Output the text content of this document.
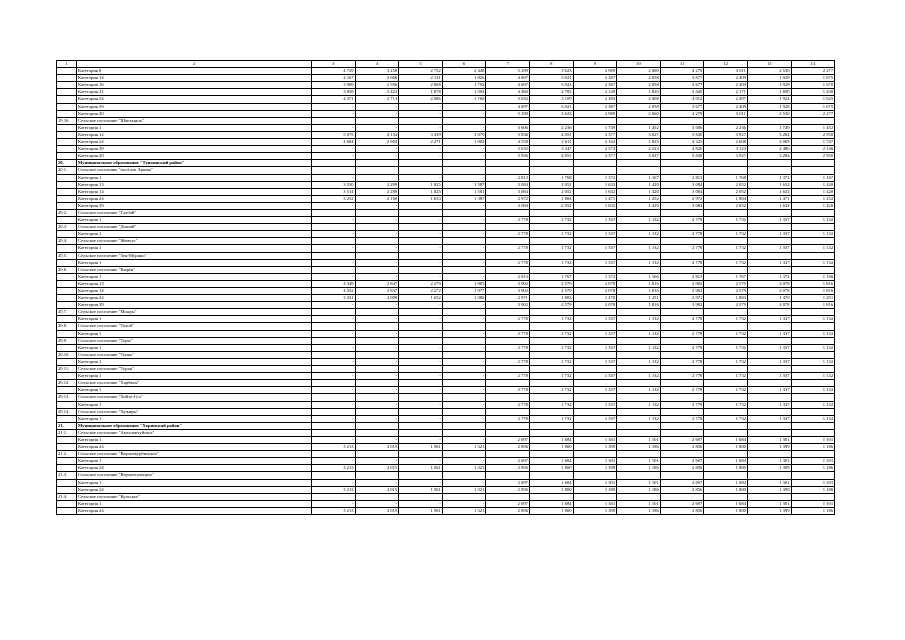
1	2	3	4	5	6	7	8	9	10	11	12	13	14
	Категория 8	4 729	3 250	2 732	2 448	5 299	3 623	2 989	2 660	4 279	3 011	2 530	2 277
	Категория 14	4 167	2 666	2 121	1 826	4 697	3 021	2 387	2 058	3 677	2 409	1 928	1 675
	Категория 16	3 989	2 596	2 068	1 792	4 697	3 021	2 387	2 058	3 677	2 409	1 928	1 678
	Категория 21	3 858	2 422	1 878	1 594	4 460	2 783	2 149	1 820	3 440	2 171	1 690	1 438
	Категория 24	4 371	2 713	2 086	1 760	5 032	3 109	2 383	2 008	4 012	2 497	1 924	1 625
	Категория 39	-	-	-	-	4 697	3 021	2 387	2 058	3 677	2 409	1 928	1 675
	Категория 40	-	-	-	-	5 299	3 623	2 989	2 660	4 279	3 011	2 530	2 277
19.16.	Сельское поселение "Шапхынок"												
	Категория 1	-	-	-	-	3 606	2 236	1 749	1 452	3 606	2 236	1 749	1 452
	Категория 12	5 075	4 134	3 439	3 079	5 836	4 051	3 377	3 027	5 630	3 927	3 284	2 950
	Категория 24	4 684	2 903	2 271	1 902	4 558	2 611	2 162	1 825	4 325	2 608	2 069	1 747
	Категория 39	-	-	-	-	5 032	3 247	2 573	2 223	4 826	3 123	2 480	2 146
	Категория 40	-	-	-	-	5 836	4 051	3 377	3 027	5 630	3 927	3 284	2 950
20.	Муниципальное образование "Тункинский район"												
20.1.	Сельское поселение "посёлок Аршан"												
	Категория 1	-	-	-	-	2 813	1 768	1 372	1 167	2 813	1 768	1 372	1 167
	Категория 13	3 530	2 299	1 825	1 587	3 084	2 052	1 632	1 420	3 084	2 052	1 632	1 420
	Категория 14	3 514	2 289	1 825	1 581	3 084	2 052	1 632	1 420	3 084	2 052	1 632	1 420
	Категория 24	3 232	2 100	1 633	1 387	2 972	1 884	1 471	1 252	2 972	1 884	1 471	1 252
	Категория 39	-	-	-	-	3 084	2 052	1 632	1 420	3 084	2 052	1 632	1 420
20.2.	Сельское поселение "Галбай"												
	Категория 1	-	-	-	-	2 778	1 732	1 337	1 132	2 778	1 732	1 337	1 132
20.3.	Сельское поселение "Даялай"												
	Категория 1	-	-	-	-	2 778	1 732	1 337	1 132	2 778	1 732	1 337	1 132
20.4.	Сельское поселение "Жемчуг"												
	Категория 1	-	-	-	-	2 778	1 732	1 337	1 132	2 778	1 732	1 337	1 132
20.5.	Сельское поселение "Зун-Мурино"												
	Категория 1	-	-	-	-	2 778	1 732	1 337	1 132	2 778	1 732	1 337	1 132
20.6.	Сельское поселение "Кырен"												
	Категория 1	-	-	-	-	2 813	1 767	1 372	1 166	2 813	1 767	1 372	1 166
	Категория 13	4 348	2 847	2 279	1 983	3 902	2 579	2 078	1 816	3 902	2 579	2 078	1 816
	Категория 14	4 332	2 837	2 272	1 977	3 902	2 579	2 078	1 816	3 902	2 579	2 078	1 816
	Категория 24	3 331	2 099	1 632	1 386	2 971	1 883	1 470	1 251	2 971	1 883	1 470	1 251
	Категория 39	-	-	-	-	3 902	2 579	2 078	1 816	3 902	2 579	2 078	1 816
20.7.	Сельское поселение "Монды"												
	Категория 1	-	-	-	-	2 778	1 732	1 337	1 132	2 778	1 732	1 337	1 132
20.8.	Сельское поселение "Тохой"												
	Категория 1	-	-	-	-	2 778	1 732	1 337	1 132	2 778	1 732	1 337	1 132
20.9.	Сельское поселение "Торы"												
	Категория 1	-	-	-	-	2 778	1 732	1 337	1 132	2 778	1 732	1 337	1 132
20.10.	Сельское поселение "Тунка"												
	Категория 1	-	-	-	-	2 778	1 732	1 337	1 132	2 778	1 732	1 337	1 132
20.11.	Сельское поселение "Туран"												
	Категория 1	-	-	-	-	2 778	1 732	1 337	1 132	2 778	1 732	1 337	1 132
20.12.	Сельское поселение "Харбяты"												
	Категория 1	-	-	-	-	2 778	1 732	1 337	1 132	2 778	1 732	1 337	1 132
20.13.	Сельское поселение "Хойто-Гол"												
	Категория 1	-	-	-	-	2 778	1 732	1 337	1 132	2 778	1 732	1 337	1 132
20.14.	Сельское поселение "Хужиры"												
	Категория 1	-	-	-	-	2 778	1 732	1 337	1 132	2 778	1 732	1 337	1 132
21.	Муниципальное образование "Хоринский район"												
21.1.	Сельское поселение "Амгалантуйское"												
	Категория 1	-	-	-	-	2 697	1 684	1 301	1 101	2 697	1 684	1 301	1 101
	Категория 24	3 213	2 015	1 561	1 321	2 856	1 800	1 399	1 186	2 856	1 800	1 399	1 186
21.2.	Сельское поселение "Верхнекурбинское"												
	Категория 1	-	-	-	-	2 697	1 684	1 301	1 101	2 697	1 684	1 301	1 101
	Категория 24	3 213	2 015	1 561	1 321	2 856	1 800	1 399	1 186	2 856	1 800	1 399	1 186
21.3.	Сельское поселение "Верхнеталецкое"												
	Категория 1	-	-	-	-	2 697	1 684	1 301	1 101	2 697	1 684	1 301	1 101
	Категория 24	3 213	2 015	1 561	1 321	2 856	1 800	1 399	1 186	2 856	1 800	1 399	1 186
21.4.	Сельское поселение "Кульское"												
	Категория 1	-	-	-	-	2 697	1 684	1 301	1 101	2 697	1 684	1 301	1 101
	Категория 24	3 213	2 015	1 561	1 321	2 856	1 800	1 399	1 186	2 856	1 800	1 399	1 186
